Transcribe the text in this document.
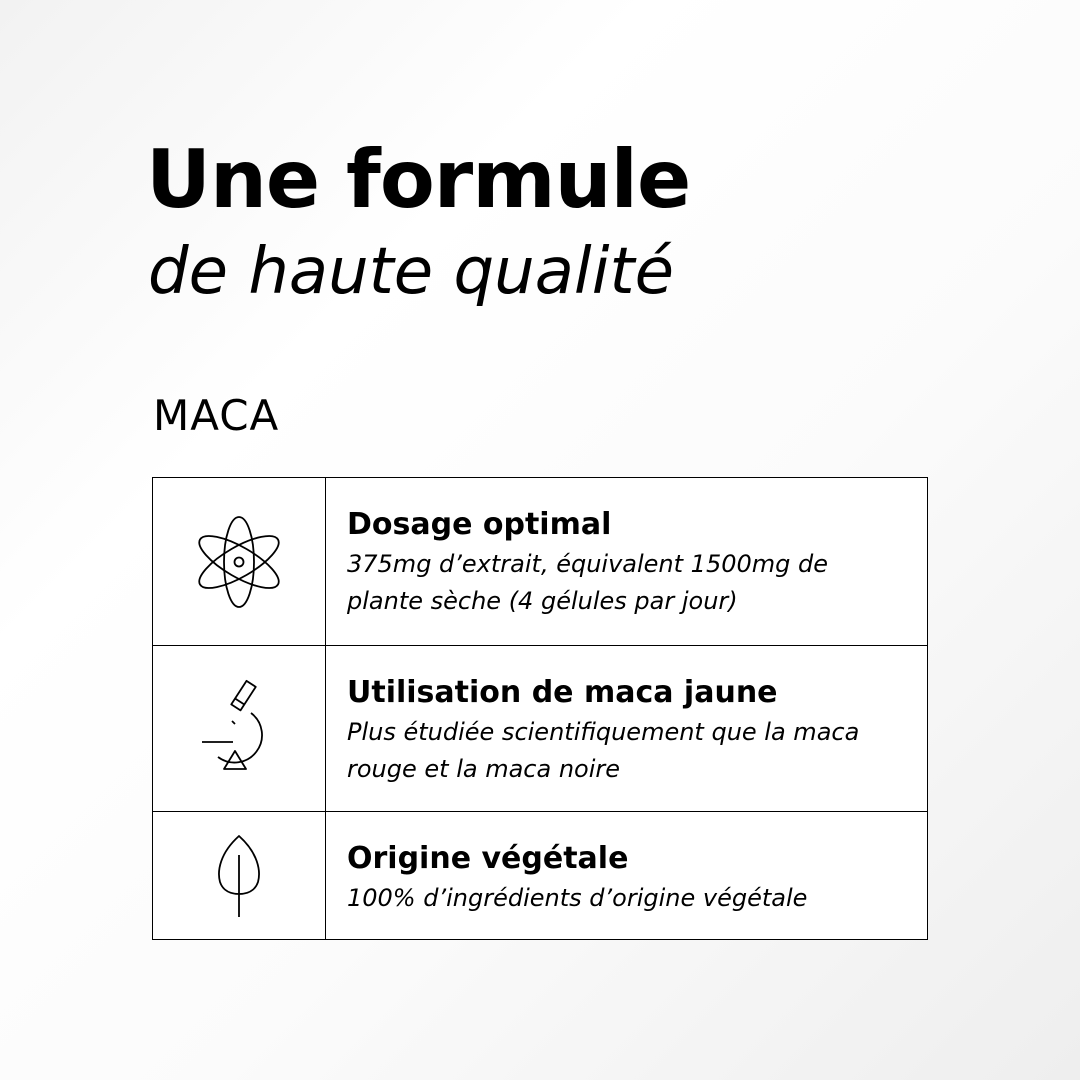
Une formule
de haute qualité
MACA

Dosage optimal
375mg d’extrait, équivalent 1500mg de plante sèche (4 gélules par jour)

Utilisation de maca jaune
Plus étudiée scientifiquement que la maca rouge et la maca noire

Origine végétale
100% d’ingrédients d’origine végétale
